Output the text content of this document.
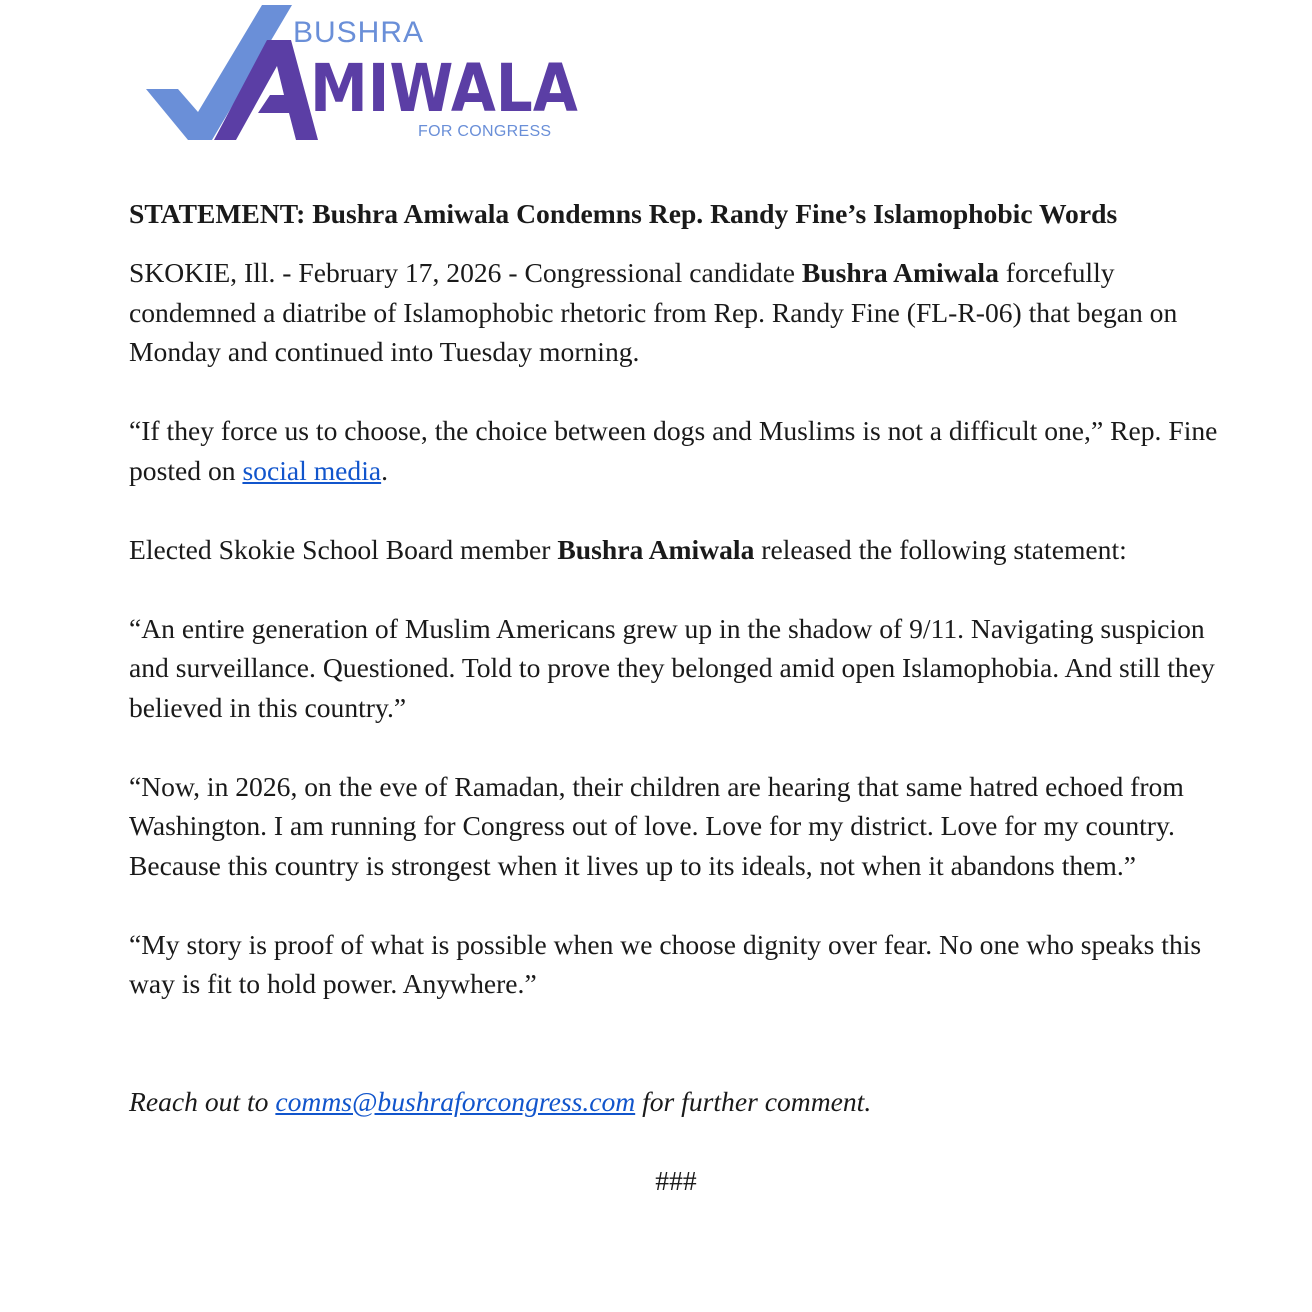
BUSHRA
MIWALA
FOR CONGRESS
STATEMENT: Bushra Amiwala Condemns Rep. Randy Fine’s Islamophobic Words

SKOKIE, Ill. - February 17, 2026 - Congressional candidate Bushra Amiwala forcefully condemned a diatribe of Islamophobic rhetoric from Rep. Randy Fine (FL-R-06) that began on Monday and continued into Tuesday morning.

“If they force us to choose, the choice between dogs and Muslims is not a difficult one,” Rep. Fine posted on social media.

Elected Skokie School Board member Bushra Amiwala released the following statement:

“An entire generation of Muslim Americans grew up in the shadow of 9/11. Navigating suspicion and surveillance. Questioned. Told to prove they belonged amid open Islamophobia. And still they believed in this country.”

“Now, in 2026, on the eve of Ramadan, their children are hearing that same hatred echoed from Washington. I am running for Congress out of love. Love for my district. Love for my country. Because this country is strongest when it lives up to its ideals, not when it abandons them.”

“My story is proof of what is possible when we choose dignity over fear. No one who speaks this way is fit to hold power. Anywhere.”

Reach out to comms@bushraforcongress.com for further comment.

###
